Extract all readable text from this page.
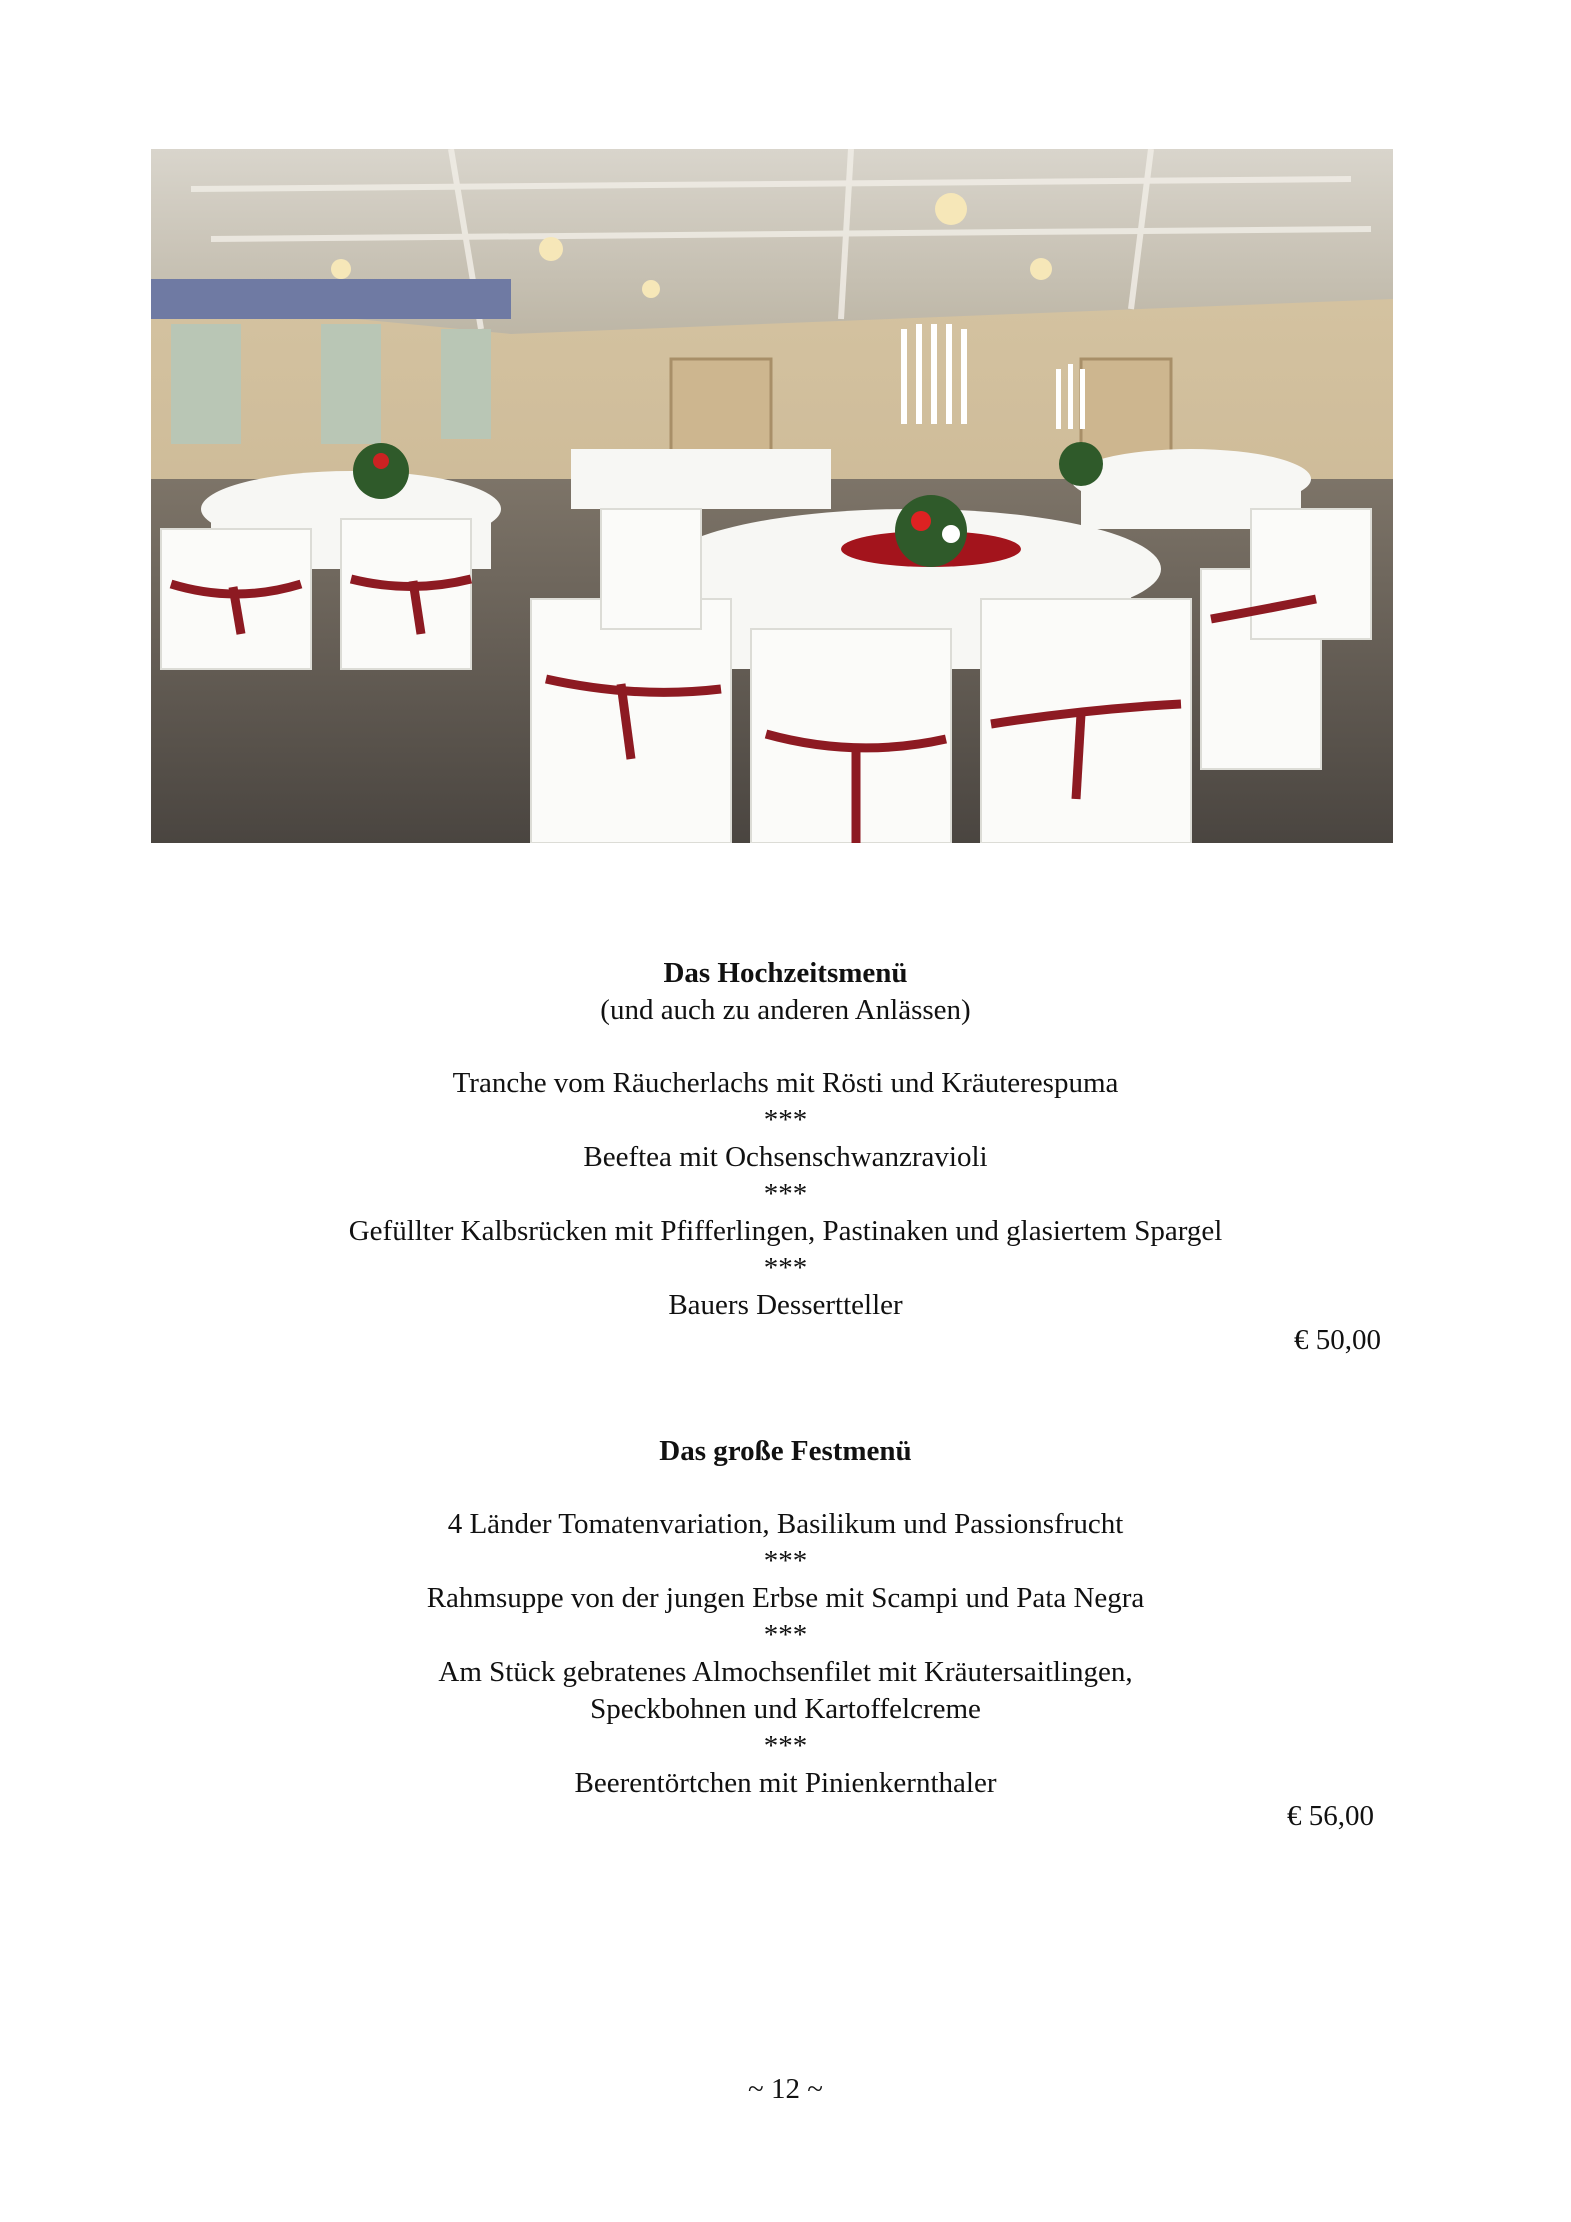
Das Hochzeitsmenü
(und auch zu anderen Anlässen)
Tranche vom Räucherlachs mit Rösti und Kräuterespuma
***
Beeftea mit Ochsenschwanzravioli
***
Gefüllter Kalbsrücken mit Pfifferlingen, Pastinaken und glasiertem Spargel
***
Bauers Dessertteller
€ 50,00
Das große Festmenü
4 Länder Tomatenvariation, Basilikum und Passionsfrucht
***
Rahmsuppe von der jungen Erbse mit Scampi und Pata Negra
***
Am Stück gebratenes Almochsenfilet mit Kräutersaitlingen,
Speckbohnen und Kartoffelcreme
***
Beerentörtchen mit Pinienkernthaler
€ 56,00
~ 12 ~
